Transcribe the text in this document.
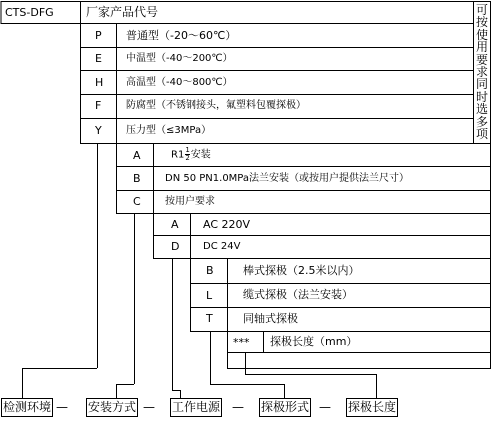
CTS-DFG	厂家产品代号	可按使用要求同时选多项
P 普通型（-20～60℃）
E 中温型（-40～200℃）
H 高温型（-40～800℃）
F 防腐型（不锈钢接头，氟塑料包覆探极）
Y 压力型（≤3MPa）
A	$R1 \frac{1}{2}$ 安装
B DN 50 PN1.0MPa法兰安装（或按用户提供法兰尺寸）
C 按用户要求
A AC 220V
D DC 24V
B	棒式探极（2.5米以内）
L	缆式探极（法兰安装）
T	同轴式探极
*** 探极长度（mm）
检测环境 — 安装方式 — 工作电源 — 探极形式 — 探极长度
